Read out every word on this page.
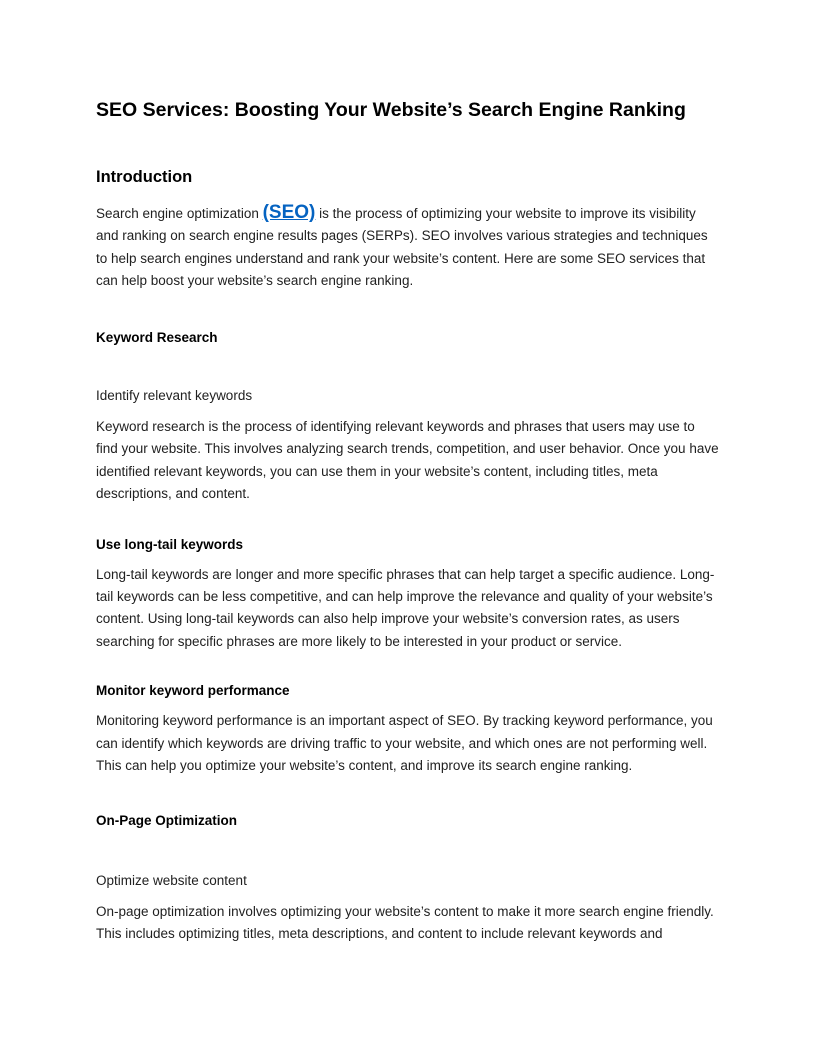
SEO Services: Boosting Your Website’s Search Engine Ranking
Introduction

Search engine optimization (SEO) is the process of optimizing your website to improve its visibility and ranking on search engine results pages (SERPs). SEO involves various strategies and techniques to help search engines understand and rank your website’s content. Here are some SEO services that can help boost your website’s search engine ranking.

Keyword Research

Identify relevant keywords

Keyword research is the process of identifying relevant keywords and phrases that users may use to find your website. This involves analyzing search trends, competition, and user behavior. Once you have identified relevant keywords, you can use them in your website’s content, including titles, meta descriptions, and content.

Use long-tail keywords

Long-tail keywords are longer and more specific phrases that can help target a specific audience. Long-tail keywords can be less competitive, and can help improve the relevance and quality of your website’s content. Using long-tail keywords can also help improve your website’s conversion rates, as users searching for specific phrases are more likely to be interested in your product or service.

Monitor keyword performance

Monitoring keyword performance is an important aspect of SEO. By tracking keyword performance, you can identify which keywords are driving traffic to your website, and which ones are not performing well. This can help you optimize your website’s content, and improve its search engine ranking.

On-Page Optimization

Optimize website content

On-page optimization involves optimizing your website’s content to make it more search engine friendly. This includes optimizing titles, meta descriptions, and content to include relevant keywords and
